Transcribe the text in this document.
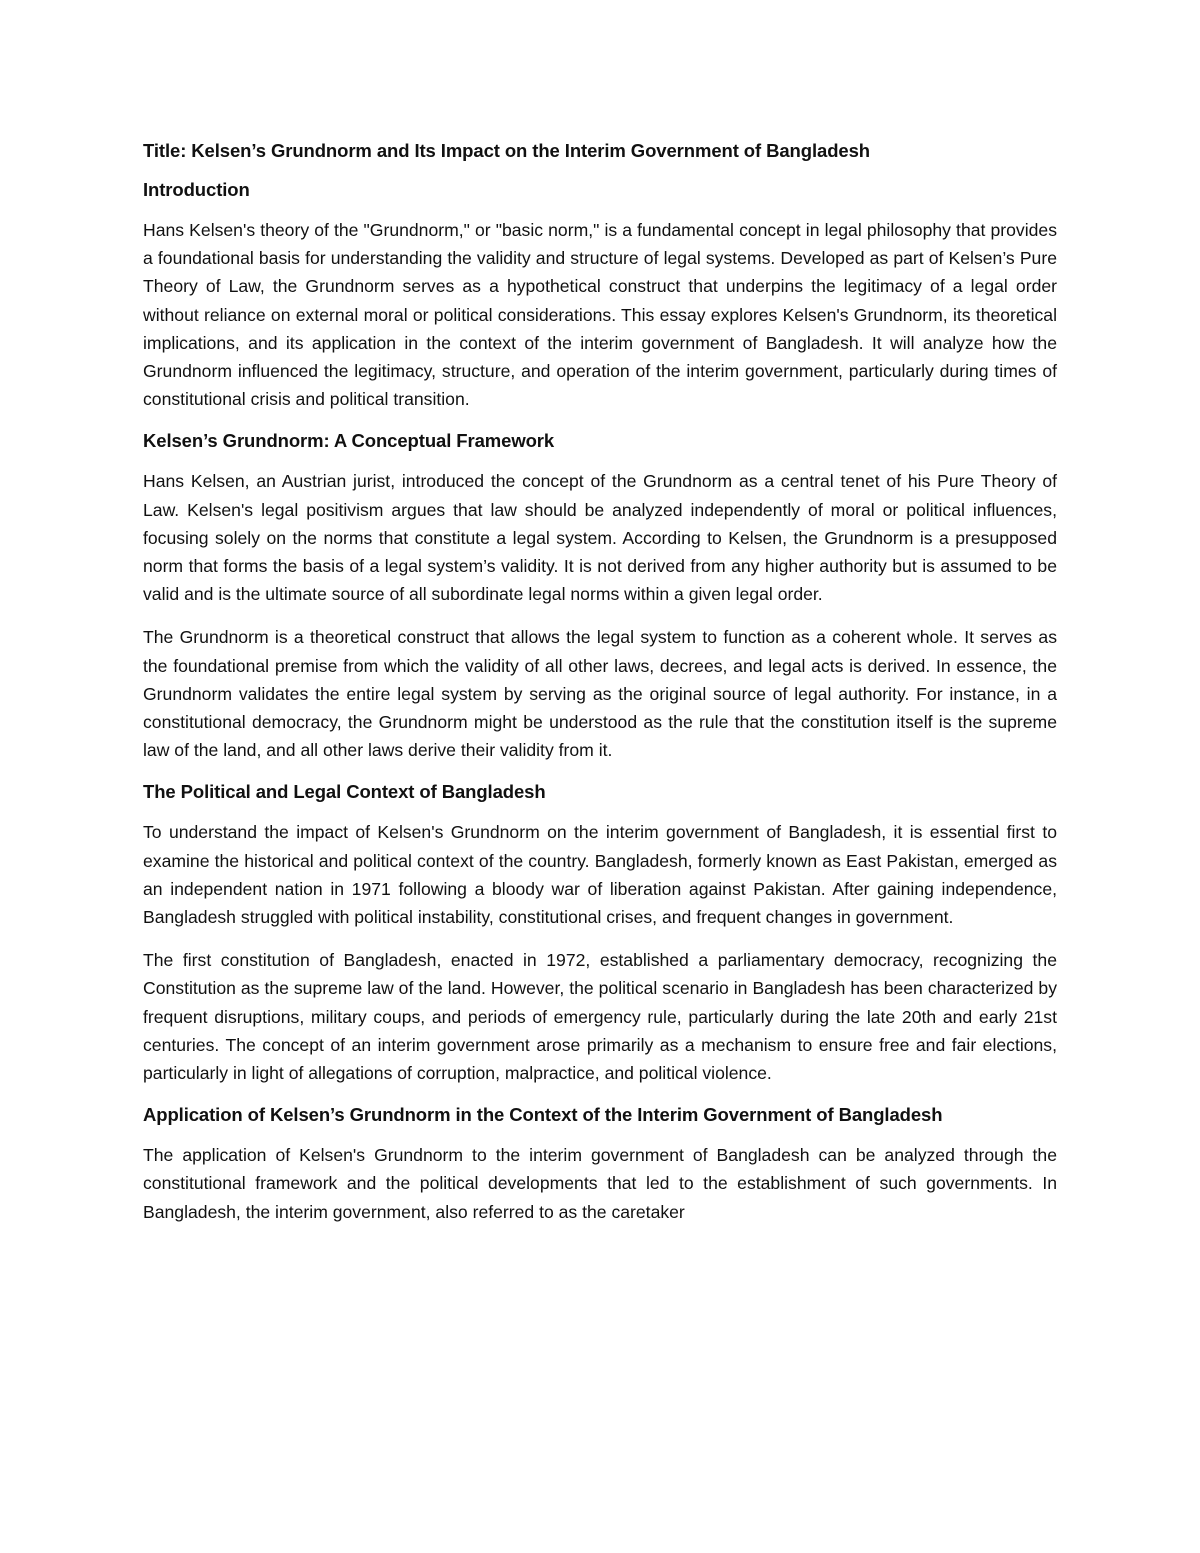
Title: Kelsen’s Grundnorm and Its Impact on the Interim Government of Bangladesh
Introduction

Hans Kelsen's theory of the "Grundnorm," or "basic norm," is a fundamental concept in legal philosophy that provides a foundational basis for understanding the validity and structure of legal systems. Developed as part of Kelsen’s Pure Theory of Law, the Grundnorm serves as a hypothetical construct that underpins the legitimacy of a legal order without reliance on external moral or political considerations. This essay explores Kelsen's Grundnorm, its theoretical implications, and its application in the context of the interim government of Bangladesh. It will analyze how the Grundnorm influenced the legitimacy, structure, and operation of the interim government, particularly during times of constitutional crisis and political transition.

Kelsen’s Grundnorm: A Conceptual Framework

Hans Kelsen, an Austrian jurist, introduced the concept of the Grundnorm as a central tenet of his Pure Theory of Law. Kelsen's legal positivism argues that law should be analyzed independently of moral or political influences, focusing solely on the norms that constitute a legal system. According to Kelsen, the Grundnorm is a presupposed norm that forms the basis of a legal system’s validity. It is not derived from any higher authority but is assumed to be valid and is the ultimate source of all subordinate legal norms within a given legal order.

The Grundnorm is a theoretical construct that allows the legal system to function as a coherent whole. It serves as the foundational premise from which the validity of all other laws, decrees, and legal acts is derived. In essence, the Grundnorm validates the entire legal system by serving as the original source of legal authority. For instance, in a constitutional democracy, the Grundnorm might be understood as the rule that the constitution itself is the supreme law of the land, and all other laws derive their validity from it.

The Political and Legal Context of Bangladesh

To understand the impact of Kelsen's Grundnorm on the interim government of Bangladesh, it is essential first to examine the historical and political context of the country. Bangladesh, formerly known as East Pakistan, emerged as an independent nation in 1971 following a bloody war of liberation against Pakistan. After gaining independence, Bangladesh struggled with political instability, constitutional crises, and frequent changes in government.

The first constitution of Bangladesh, enacted in 1972, established a parliamentary democracy, recognizing the Constitution as the supreme law of the land. However, the political scenario in Bangladesh has been characterized by frequent disruptions, military coups, and periods of emergency rule, particularly during the late 20th and early 21st centuries. The concept of an interim government arose primarily as a mechanism to ensure free and fair elections, particularly in light of allegations of corruption, malpractice, and political violence.

Application of Kelsen’s Grundnorm in the Context of the Interim Government of Bangladesh

The application of Kelsen's Grundnorm to the interim government of Bangladesh can be analyzed through the constitutional framework and the political developments that led to the establishment of such governments. In Bangladesh, the interim government, also referred to as the caretaker
